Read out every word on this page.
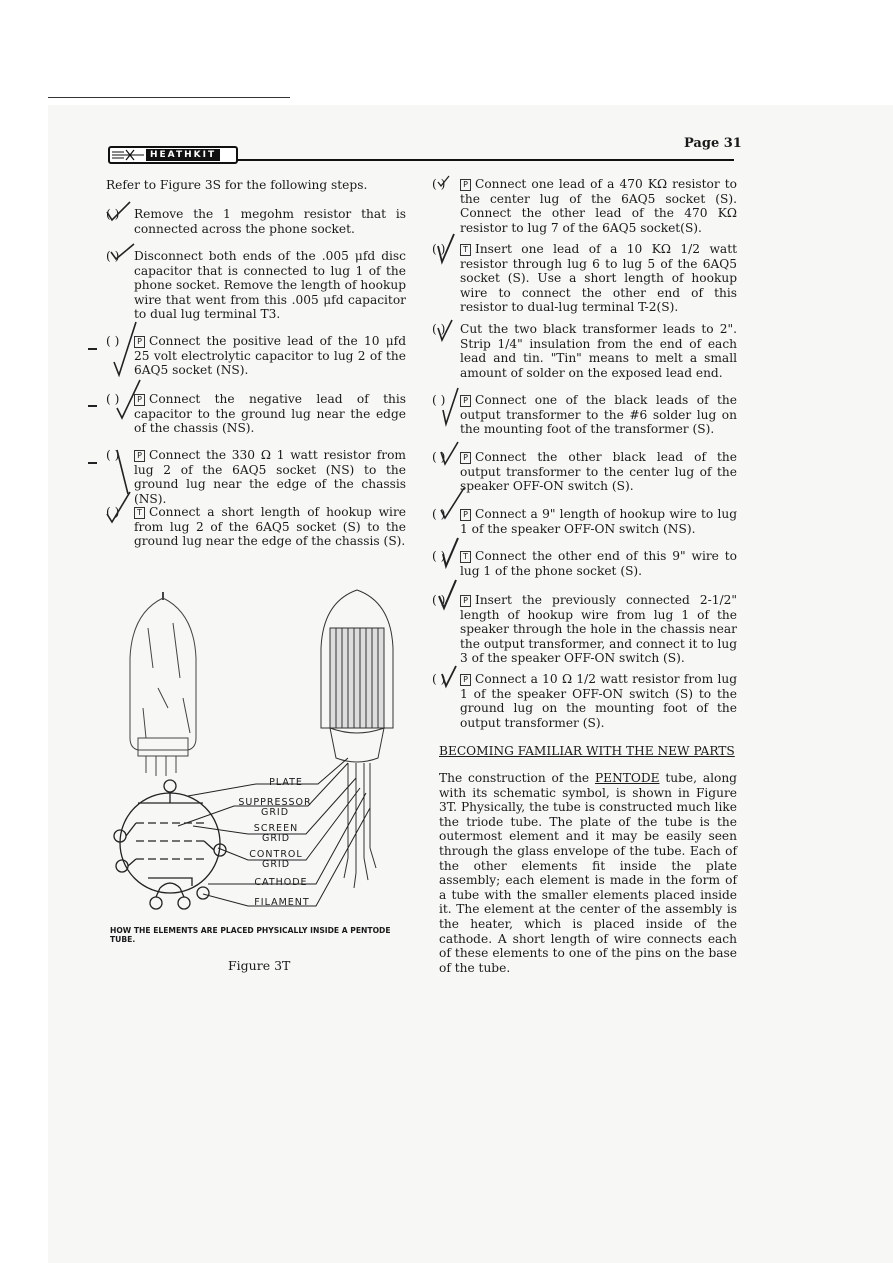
HEATHKIT
Page 31
Refer to Figure 3S for the following steps.
( ) Remove the 1 megohm resistor that is connected across the phone socket.
( ) Disconnect both ends of the .005 μfd disc capacitor that is connected to lug 1 of the phone socket. Remove the length of hookup wire that went from this .005 μfd capacitor to dual lug terminal T3.
( )	P Connect the positive lead of the 10 μfd 25 volt electrolytic capacitor to lug 2 of the 6AQ5 socket (NS).
( )	P Connect the negative lead of this capacitor to the ground lug near the edge of the chassis (NS).
( )	P Connect the 330 Ω 1 watt resistor from lug 2 of the 6AQ5 socket (NS) to the ground lug near the edge of the chassis (NS).
( )	T Connect a short length of hookup wire from lug 2 of the 6AQ5 socket (S) to the ground lug near the edge of the chassis (S).
PLATE
SUPPRESSOR GRID
SCREEN GRID
CONTROL GRID
CATHODE
FILAMENT
HOW THE ELEMENTS ARE PLACED PHYSICALLY INSIDE A PENTODE TUBE.
Figure 3T
( )	P Connect one lead of a 470 KΩ resistor to the center lug of the 6AQ5 socket (S). Connect the other lead of the 470 KΩ resistor to lug 7 of the 6AQ5 socket(S).
( )	T Insert one lead of a 10 KΩ 1/2 watt resistor through lug 6 to lug 5 of the 6AQ5 socket (S). Use a short length of hookup wire to connect the other end of this resistor to dual-lug terminal T-2(S).
( ) Cut the two black transformer leads to 2". Strip 1/4" insulation from the end of each lead and tin. "Tin" means to melt a small amount of solder on the exposed lead end.
( )	P Connect one of the black leads of the output transformer to the #6 solder lug on the mounting foot of the transformer (S).
( )	P Connect the other black lead of the output transformer to the center lug of the speaker OFF-ON switch (S).
( )	P Connect a 9" length of hookup wire to lug 1 of the speaker OFF-ON switch (NS).
( )	T Connect the other end of this 9" wire to lug 1 of the phone socket (S).
( )	P Insert the previously connected 2-1/2" length of hookup wire from lug 1 of the speaker through the hole in the chassis near the output transformer, and connect it to lug 3 of the speaker OFF-ON switch (S).
( )	P Connect a 10 Ω 1/2 watt resistor from lug 1 of the speaker OFF-ON switch (S) to the ground lug on the mounting foot of the output transformer (S).
BECOMING FAMILIAR WITH THE NEW PARTS
The construction of the PENTODE tube, along with its schematic symbol, is shown in Figure 3T. Physically, the tube is constructed much like the triode tube. The plate of the tube is the outermost element and it may be easily seen through the glass envelope of the tube. Each of the other elements fit inside the plate assembly; each element is made in the form of a tube with the smaller elements placed inside it. The element at the center of the assembly is the heater, which is placed inside of the cathode. A short length of wire connects each of these elements to one of the pins on the base of the tube.
